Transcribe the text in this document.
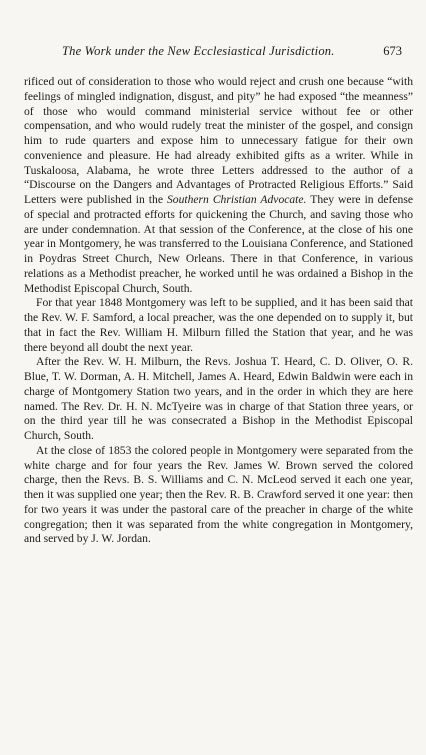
The Work under the New Ecclesiastical Jurisdiction.	673

rificed out of consideration to those who would reject and crush one because “with feelings of mingled indignation, disgust, and pity” he had exposed “the meanness” of those who would command ministerial service without fee or other compensation, and who would rudely treat the minister of the gospel, and consign him to rude quarters and expose him to unnecessary fatigue for their own convenience and pleasure. He had already exhibited gifts as a writer. While in Tuskaloosa, Alabama, he wrote three Letters addressed to the author of a “Discourse on the Dangers and Advantages of Protracted Religious Efforts.” Said Letters were published in the Southern Christian Advocate. They were in defense of special and protracted efforts for quickening the Church, and saving those who are under condemnation. At that session of the Conference, at the close of his one year in Montgomery, he was transferred to the Louisiana Conference, and Stationed in Poydras Street Church, New Orleans. There in that Conference, in various relations as a Methodist preacher, he worked until he was ordained a Bishop in the Methodist Episcopal Church, South.

For that year 1848 Montgomery was left to be supplied, and it has been said that the Rev. W. F. Samford, a local preacher, was the one depended on to supply it, but that in fact the Rev. William H. Milburn filled the Station that year, and he was there beyond all doubt the next year.

After the Rev. W. H. Milburn, the Revs. Joshua T. Heard, C. D. Oliver, O. R. Blue, T. W. Dorman, A. H. Mitchell, James A. Heard, Edwin Baldwin were each in charge of Montgomery Station two years, and in the order in which they are here named. The Rev. Dr. H. N. McTyeire was in charge of that Station three years, or on the third year till he was consecrated a Bishop in the Methodist Episcopal Church, South.

At the close of 1853 the colored people in Montgomery were separated from the white charge and for four years the Rev. James W. Brown served the colored charge, then the Revs. B. S. Williams and C. N. McLeod served it each one year, then it was supplied one year; then the Rev. R. B. Crawford served it one year: then for two years it was under the pastoral care of the preacher in charge of the white congregation; then it was separated from the white congregation in Montgomery, and served by J. W. Jordan.
